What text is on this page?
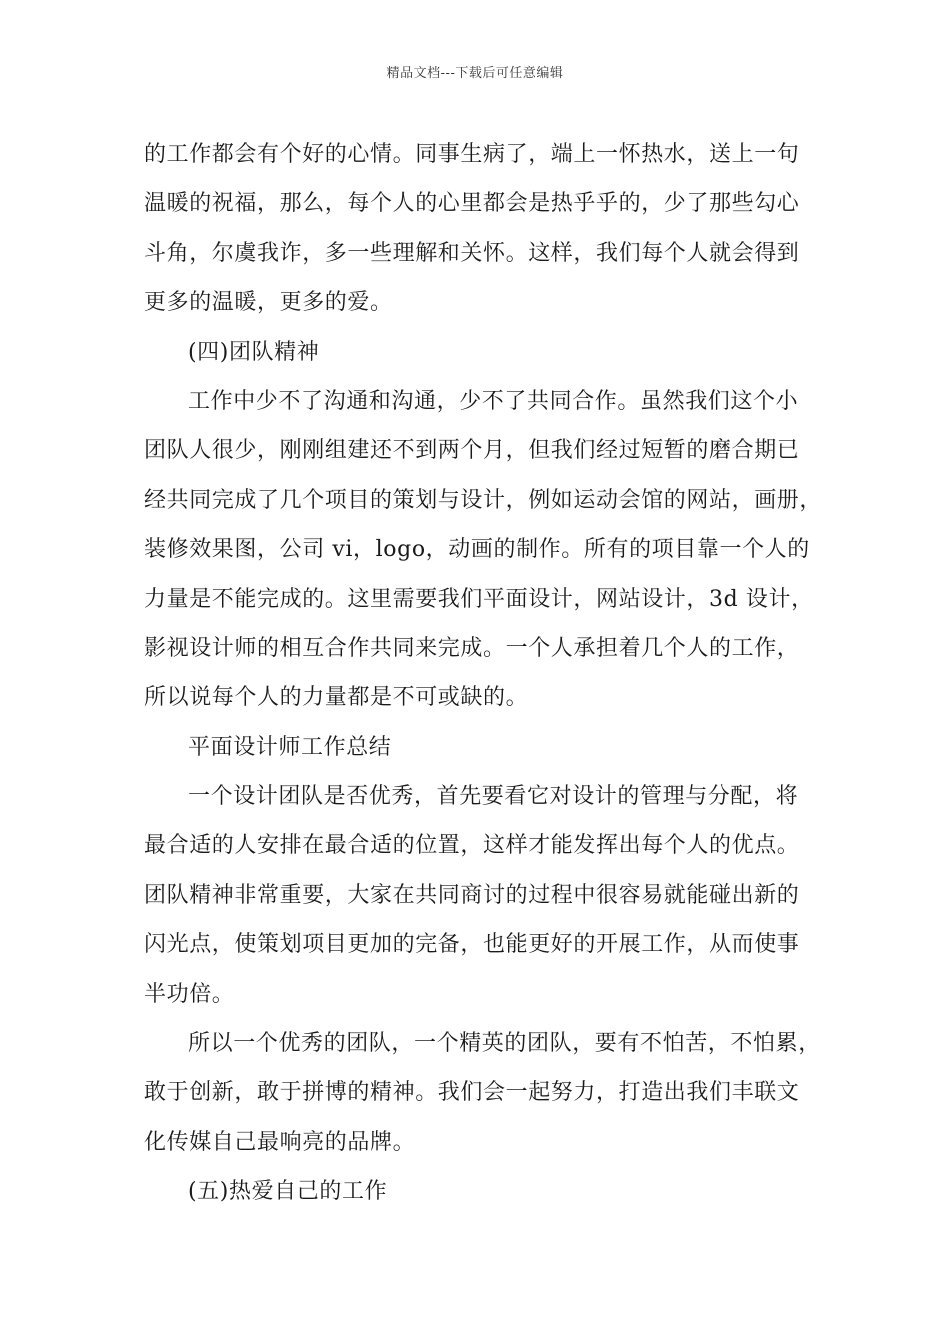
精品文档---下载后可任意编辑
的工作都会有个好的心情。同事生病了，端上一怀热水，送上一句
温暖的祝福，那么，每个人的心里都会是热乎乎的，少了那些勾心
斗角，尔虞我诈，多一些理解和关怀。这样，我们每个人就会得到
更多的温暖，更多的爱。
(四)团队精神
工作中少不了沟通和沟通，少不了共同合作。虽然我们这个小
团队人很少，刚刚组建还不到两个月，但我们经过短暂的磨合期已
经共同完成了几个项目的策划与设计，例如运动会馆的网站，画册，
装修效果图，公司 vi，logo，动画的制作。所有的项目靠一个人的
力量是不能完成的。这里需要我们平面设计，网站设计，3d 设计，
影视设计师的相互合作共同来完成。一个人承担着几个人的工作，
所以说每个人的力量都是不可或缺的。
平面设计师工作总结
一个设计团队是否优秀，首先要看它对设计的管理与分配，将
最合适的人安排在最合适的位置，这样才能发挥出每个人的优点。
团队精神非常重要，大家在共同商讨的过程中很容易就能碰出新的
闪光点，使策划项目更加的完备，也能更好的开展工作，从而使事
半功倍。
所以一个优秀的团队，一个精英的团队，要有不怕苦，不怕累，
敢于创新，敢于拼博的精神。我们会一起努力，打造出我们丰联文
化传媒自己最响亮的品牌。
(五)热爱自己的工作
